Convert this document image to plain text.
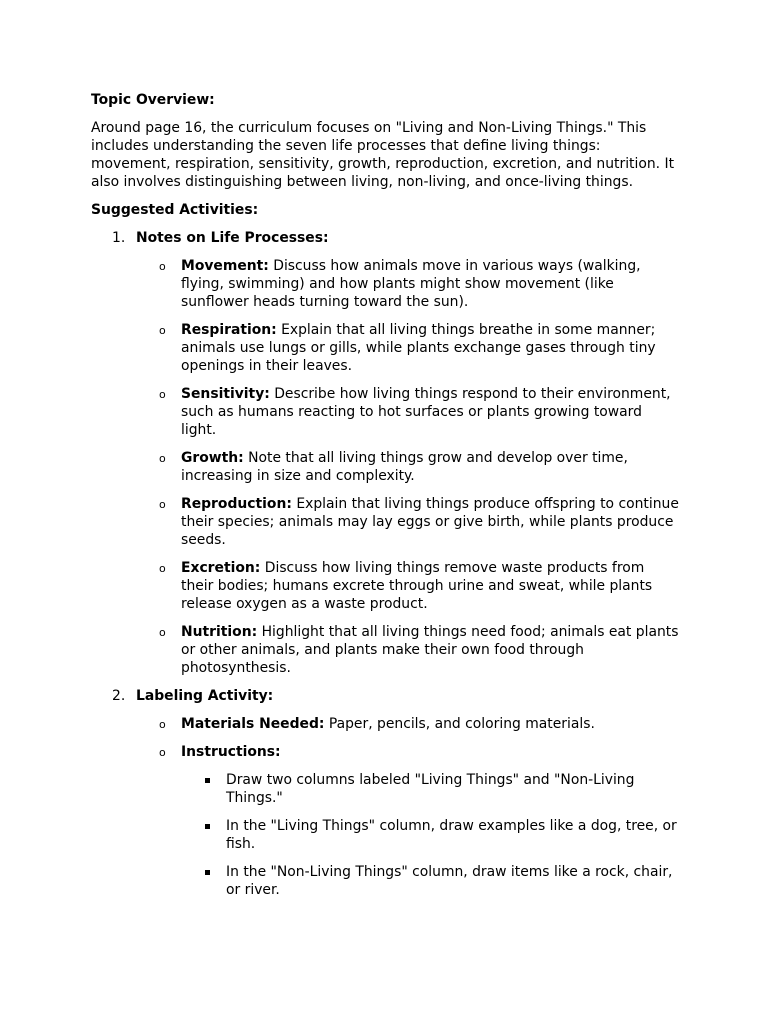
Topic Overview:

Around page 16, the curriculum focuses on "Living and Non-Living Things." This includes understanding the seven life processes that define living things: movement, respiration, sensitivity, growth, reproduction, excretion, and nutrition. It also involves distinguishing between living, non-living, and once-living things.

Suggested Activities:

1. Notes on Life Processes:
o Movement: Discuss how animals move in various ways (walking, flying, swimming) and how plants might show movement (like sunflower heads turning toward the sun).
o Respiration: Explain that all living things breathe in some manner; animals use lungs or gills, while plants exchange gases through tiny openings in their leaves.
o Sensitivity: Describe how living things respond to their environment, such as humans reacting to hot surfaces or plants growing toward light.
o Growth: Note that all living things grow and develop over time, increasing in size and complexity.
o Reproduction: Explain that living things produce offspring to continue their species; animals may lay eggs or give birth, while plants produce seeds.
o Excretion: Discuss how living things remove waste products from their bodies; humans excrete through urine and sweat, while plants release oxygen as a waste product.
o Nutrition: Highlight that all living things need food; animals eat plants or other animals, and plants make their own food through photosynthesis.
2. Labeling Activity:
o Materials Needed: Paper, pencils, and coloring materials.
o Instructions:
Draw two columns labeled "Living Things" and "Non-Living Things."
In the "Living Things" column, draw examples like a dog, tree, or fish.
In the "Non-Living Things" column, draw items like a rock, chair, or river.
